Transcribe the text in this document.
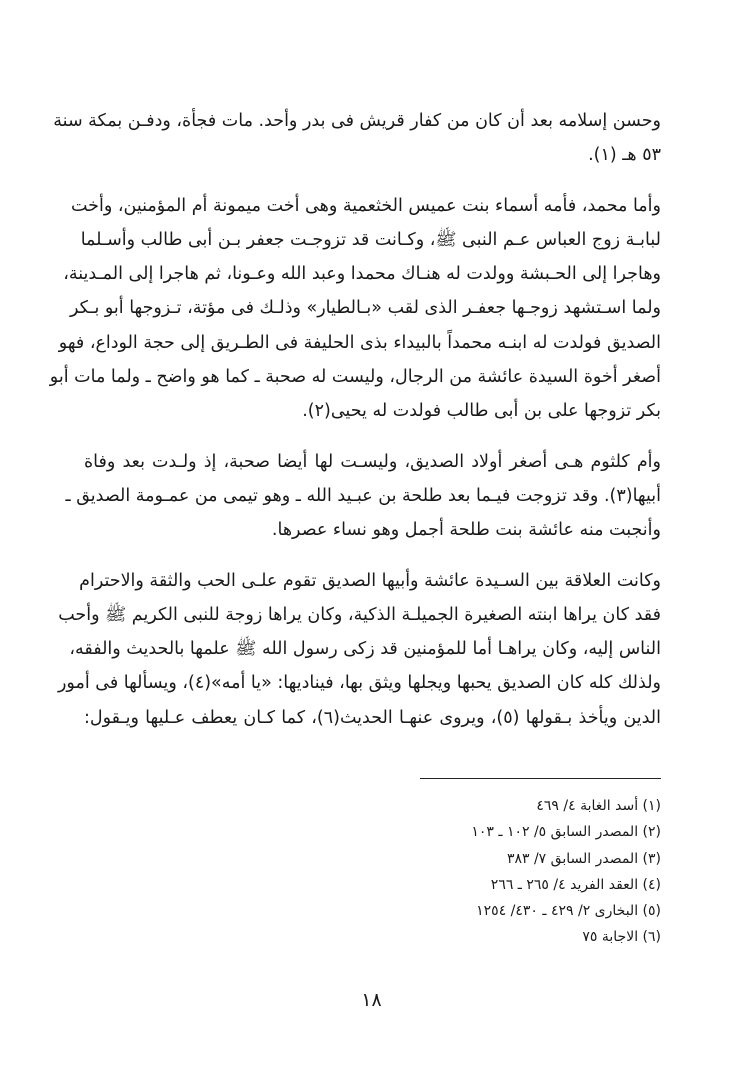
وحسن إسلامه بعد أن كان من كفار قريش فى بدر وأحد. مات فجأة، ودفـن بمكة سنة
٥٣ هـ (١).

وأما محمد، فأمه أسماء بنت عميس الخثعمية وهى أخت ميمونة أم المؤمنين، وأخت
لبابـة زوج العباس عـم النبى ﷺ، وكـانت قد تزوجـت جعفر بـن أبى طالب وأسـلما
وهاجرا إلى الحـبشة وولدت له هنـاك محمدا وعبد الله وعـونا، ثم هاجرا إلى المـدينة،
ولما اسـتشهد زوجـها جعفـر الذى لقب «بـالطيار» وذلـك فى مؤتة، تـزوجها أبو بـكر
الصديق فولدت له ابنـه محمداً بالبيداء بذى الحليفة فى الطـريق إلى حجة الوداع، فهو
أصغر أخوة السيدة عائشة من الرجال، وليست له صحبة ـ كما هو واضح ـ ولما مات أبو
بكر تزوجها على بن أبى طالب فولدت له يحيى(٢).

وأم كلثوم هـى أصغر أولاد الصديق، وليسـت لها أيضا صحبة، إذ ولـدت بعد وفاة
أبيها(٣). وقد تزوجت فيـما بعد طلحة بن عبـيد الله ـ وهو تيمى من عمـومة الصديق ـ
وأنجبت منه عائشة بنت طلحة أجمل وهو نساء عصرها.

وكانت العلاقة بين السـيدة عائشة وأبيها الصديق تقوم علـى الحب والثقة والاحترام
فقد كان يراها ابنته الصغيرة الجميلـة الذكية، وكان يراها زوجة للنبى الكريم ﷺ وأحب
الناس إليه، وكان يراهـا أما للمؤمنين قد زكى رسول الله ﷺ علمها بالحديث والفقه،
ولذلك كله كان الصديق يحبها ويجلها ويثق بها، فيناديها: «يا أمه»(٤)، ويسألها فى أمور
الدين ويأخذ بـقولها (٥)، ويروى عنهـا الحديث(٦)، كما كـان يعطف عـليها ويـقول:

(١) أسد الغابة ٤/ ٤٦٩
(٢) المصدر السابق ٥/ ١٠٢ ـ ١٠٣
(٣) المصدر السابق ٧/ ٣٨٣
(٤) العقد الفريد ٤/ ٢٦٥ ـ ٢٦٦
(٥) البخارى ٢/ ٤٢٩ ـ ٤٣٠/ ١٢٥٤
(٦) الاجابة ٧٥
١٨
